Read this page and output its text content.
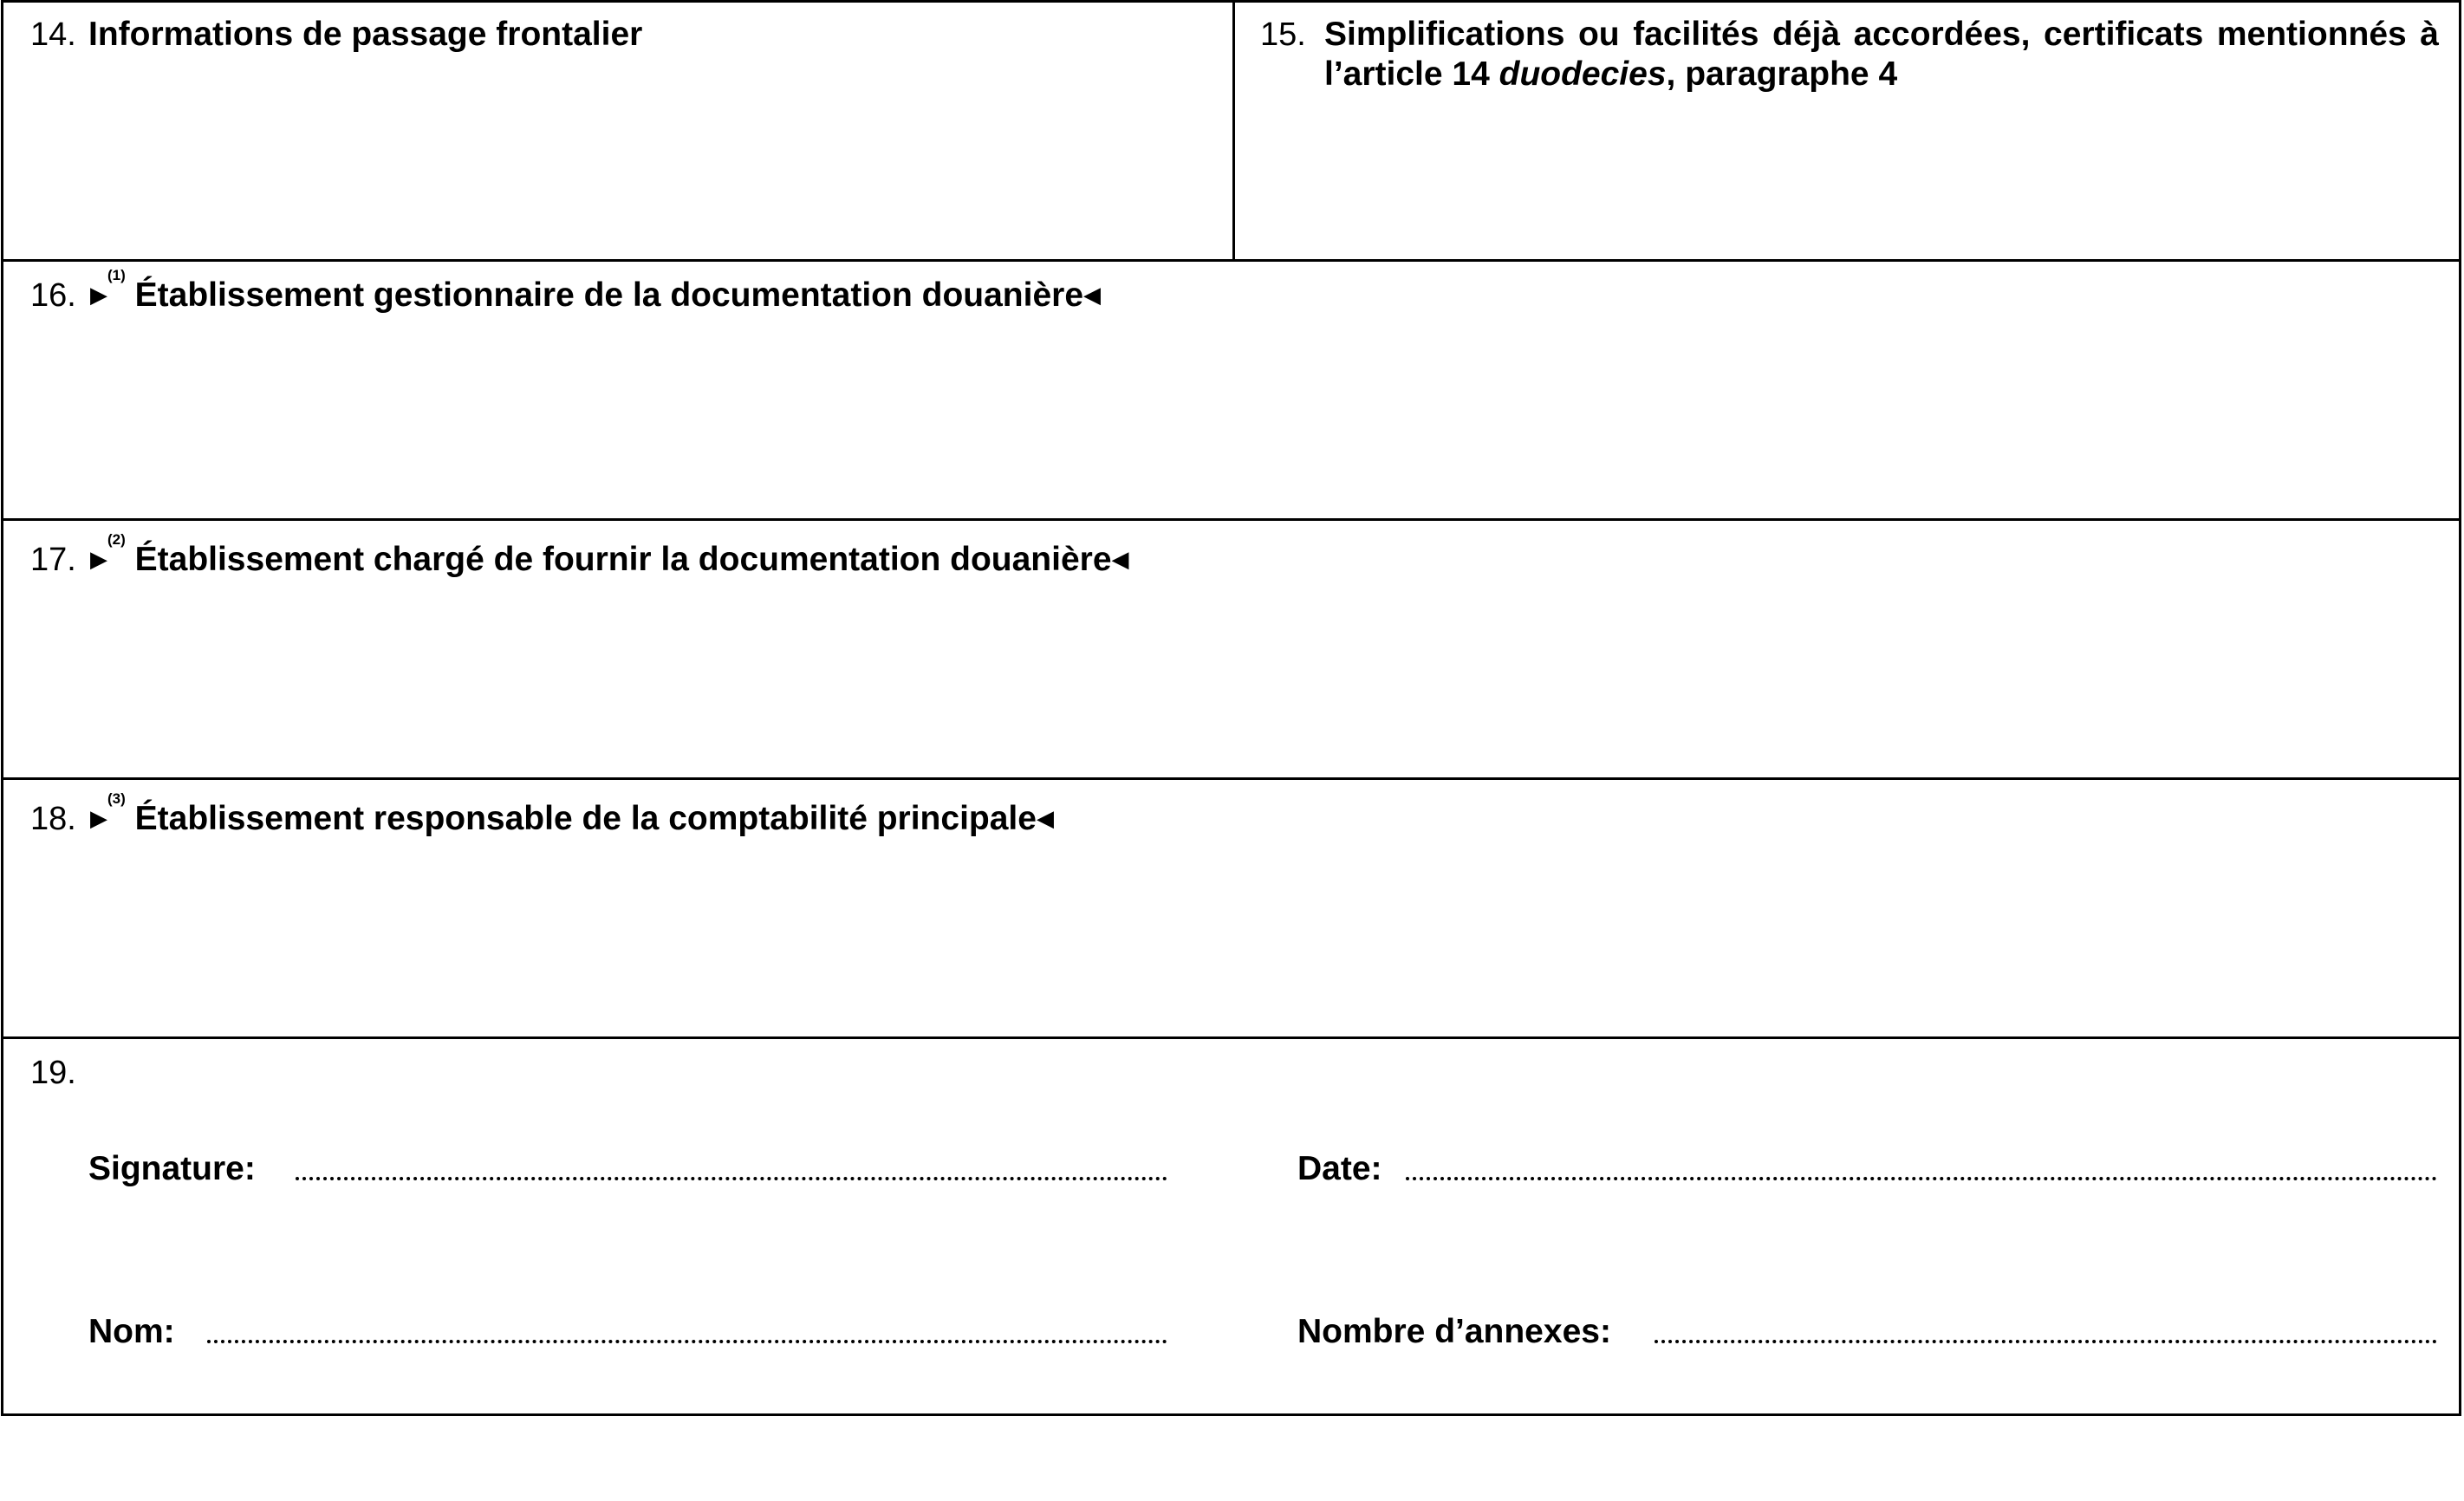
14. Informations de passage frontalier	15. Simplifications ou facilités déjà accordées, certificats mentionnés à l’article 14 duodecies, paragraphe 4
16. ▶$^{(1)}$ Établissement gestionnaire de la documentation douanière◀
17. ▶$^{(2)}$ Établissement chargé de fournir la documentation douanière◀
18. ▶$^{(3)}$ Établissement responsable de la comptabilité principale◀
19.
Signature:	Date:
Nom:	Nombre d’annexes:
